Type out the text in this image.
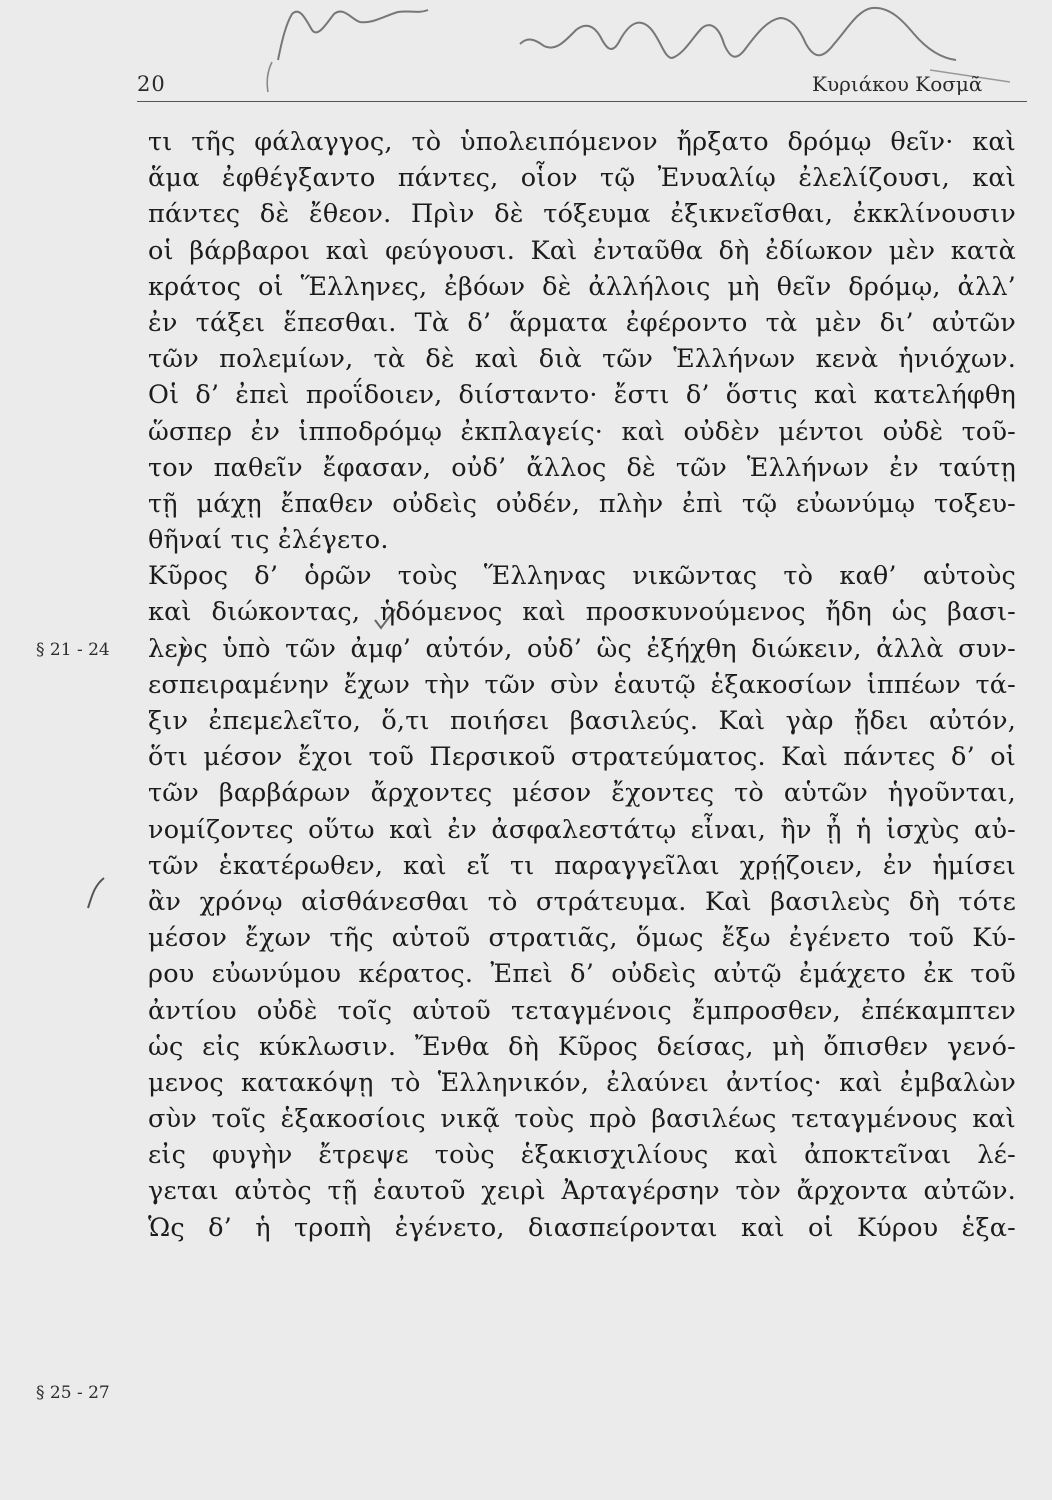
20	Κυριάκου Κοσμᾶ
§ 21 - 24
§ 25 - 27
τι τῆς φάλαγγος, τὸ ὑπολειπόμενον ἤρξατο δρόμῳ θεῖν· καὶ
ἅμα ἐφθέγξαντο πάντες, οἷον τῷ Ἐνυαλίῳ ἐλελίζουσι, καὶ
πάντες δὲ ἔθεον. Πρὶν δὲ τόξευμα ἐξικνεῖσθαι, ἐκκλίνουσιν
οἱ βάρβαροι καὶ φεύγουσι. Καὶ ἐνταῦθα δὴ ἐδίωκον μὲν κατὰ
κράτος οἱ Ἕλληνες, ἐβόων δὲ ἀλλήλοις μὴ θεῖν δρόμῳ, ἀλλ’
ἐν τάξει ἕπεσθαι. Τὰ δ’ ἅρματα ἐφέροντο τὰ μὲν δι’ αὐτῶν
τῶν πολεμίων, τὰ δὲ καὶ διὰ τῶν Ἑλλήνων κενὰ ἡνιόχων.
Οἱ δ’ ἐπεὶ προΐδοιεν, διίσταντο· ἔστι δ’ ὅστις καὶ κατελήφθη
ὥσπερ ἐν ἱπποδρόμῳ ἐκπλαγείς· καὶ οὐδὲν μέντοι οὐδὲ τοῦ-
τον παθεῖν ἔφασαν, οὐδ’ ἄλλος δὲ τῶν Ἑλλήνων ἐν ταύτῃ
τῇ μάχῃ ἔπαθεν οὐδεὶς οὐδέν, πλὴν ἐπὶ τῷ εὐωνύμῳ τοξευ-
θῆναί τις ἐλέγετο.
Κῦρος δ’ ὁρῶν τοὺς Ἕλληνας νικῶντας τὸ καθ’ αὑτοὺς
καὶ διώκοντας, ἡδόμενος καὶ προσκυνούμενος ἤδη ὡς βασι-
λεὺς ὑπὸ τῶν ἀμφ’ αὐτόν, οὐδ’ ὣς ἐξήχθη διώκειν, ἀλλὰ συν-
εσπειραμένην ἔχων τὴν τῶν σὺν ἑαυτῷ ἑξακοσίων ἱππέων τά-
ξιν ἐπεμελεῖτο, ὅ,τι ποιήσει βασιλεύς. Καὶ γὰρ ᾔδει αὐτόν,
ὅτι μέσον ἔχοι τοῦ Περσικοῦ στρατεύματος. Καὶ πάντες δ’ οἱ
τῶν βαρβάρων ἄρχοντες μέσον ἔχοντες τὸ αὑτῶν ἡγοῦνται,
νομίζοντες οὕτω καὶ ἐν ἀσφαλεστάτῳ εἶναι, ἢν ᾖ ἡ ἰσχὺς αὐ-
τῶν ἑκατέρωθεν, καὶ εἴ τι παραγγεῖλαι χρῄζοιεν, ἐν ἡμίσει
ἂν χρόνῳ αἰσθάνεσθαι τὸ στράτευμα. Καὶ βασιλεὺς δὴ τότε
μέσον ἔχων τῆς αὑτοῦ στρατιᾶς, ὅμως ἔξω ἐγένετο τοῦ Κύ-
ρου εὐωνύμου κέρατος. Ἐπεὶ δ’ οὐδεὶς αὐτῷ ἐμάχετο ἐκ τοῦ
ἀντίου οὐδὲ τοῖς αὑτοῦ τεταγμένοις ἔμπροσθεν, ἐπέκαμπτεν
ὡς εἰς κύκλωσιν. Ἔνθα δὴ Κῦρος δείσας, μὴ ὄπισθεν γενό-
μενος κατακόψῃ τὸ Ἑλληνικόν, ἐλαύνει ἀντίος· καὶ ἐμβαλὼν
σὺν τοῖς ἑξακοσίοις νικᾷ τοὺς πρὸ βασιλέως τεταγμένους καὶ
εἰς φυγὴν ἔτρεψε τοὺς ἑξακισχιλίους καὶ ἀποκτεῖναι λέ-
γεται αὐτὸς τῇ ἑαυτοῦ χειρὶ Ἀρταγέρσην τὸν ἄρχοντα αὐτῶν.
Ὡς δ’ ἡ τροπὴ ἐγένετο, διασπείρονται καὶ οἱ Κύρου ἑξα-
